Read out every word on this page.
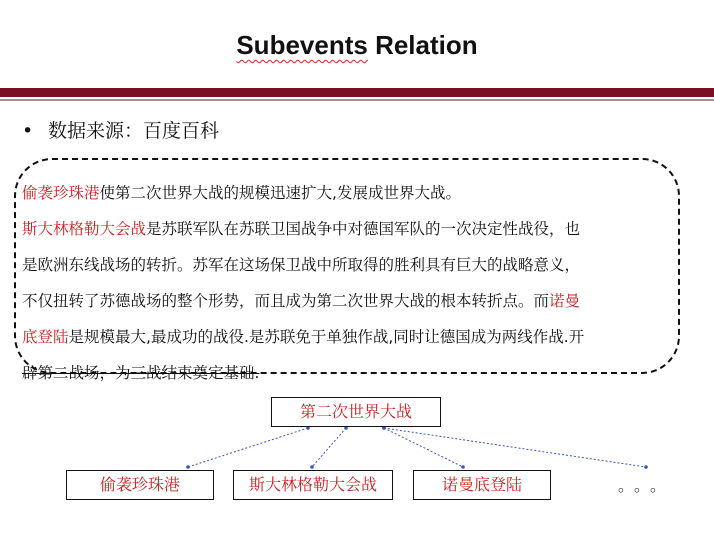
Subevents Relation
• 数据来源：百度百科

偷袭珍珠港使第二次世界大战的规模迅速扩大,发展成世界大战。

斯大林格勒大会战是苏联军队在苏联卫国战争中对德国军队的一次决定性战役，也

是欧洲东线战场的转折。苏军在这场保卫战中所取得的胜利具有巨大的战略意义，

不仅扭转了苏德战场的整个形势，而且成为第二次世界大战的根本转折点。而诺曼

底登陆是规模最大,最成功的战役.是苏联免于单独作战,同时让德国成为两线作战.开

辟第二战场，为三战结束奠定基础.

第二次世界大战
偷袭珍珠港	斯大林格勒大会战	诺曼底登陆	。。。
